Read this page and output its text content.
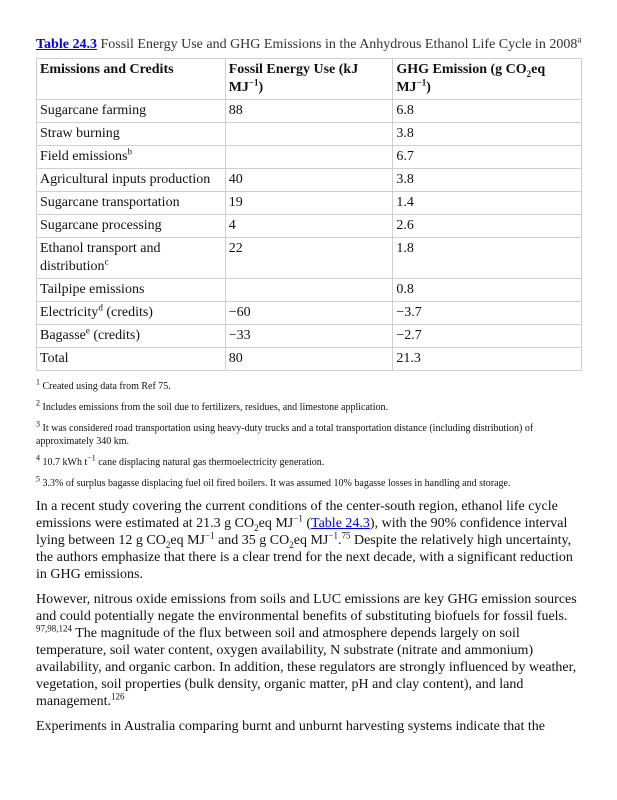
Table 24.3 Fossil Energy Use and GHG Emissions in the Anhydrous Ethanol Life Cycle in 2008$^a$

Emissions and Credits	Fossil Energy Use (kJ $MJ^{-1}$)	GHG Emission (g $CO_2eq$ $MJ^{-1}$)
Sugarcane farming	88	6.8
Straw burning		3.8
Field emissions$^b$		6.7
Agricultural inputs production	40	3.8
Sugarcane transportation	19	1.4
Sugarcane processing	4	2.6
Ethanol transport and distribution$^c$	22	1.8
Tailpipe emissions		0.8
Electricity$^d$ (credits)	−60	−3.7
Bagasse$^e$ (credits)	−33	−2.7
Total	80	21.3

$^1$ Created using data from Ref 75.

$^2$ Includes emissions from the soil due to fertilizers, residues, and limestone application.

$^3$ It was considered road transportation using heavy-duty trucks and a total transportation distance (including distribution) of approximately 340 km.

$^4$ 10.7 kWh $t^{-1}$ cane displacing natural gas thermoelectricity generation.

$^5$ 3.3% of surplus bagasse displacing fuel oil fired boilers. It was assumed 10% bagasse losses in handling and storage.

In a recent study covering the current conditions of the center-south region, ethanol life cycle emissions were estimated at 21.3 g $CO_2eq$ $MJ^{-1}$ (Table 24.3), with the 90% confidence interval lying between 12 g $CO_2eq$ $MJ^{-1}$ and 35 g $CO_2eq$ $MJ^{-1}.^{75}$ Despite the relatively high uncertainty, the authors emphasize that there is a clear trend for the next decade, with a significant reduction in GHG emissions.

However, nitrous oxide emissions from soils and LUC emissions are key GHG emission sources and could potentially negate the environmental benefits of substituting biofuels for fossil fuels. $^{97,98,124}$ The magnitude of the flux between soil and atmosphere depends largely on soil temperature, soil water content, oxygen availability, N substrate (nitrate and ammonium) availability, and organic carbon. In addition, these regulators are strongly influenced by weather, vegetation, soil properties (bulk density, organic matter, pH and clay content), and land management.$^{126}$

Experiments in Australia comparing burnt and unburnt harvesting systems indicate that the
